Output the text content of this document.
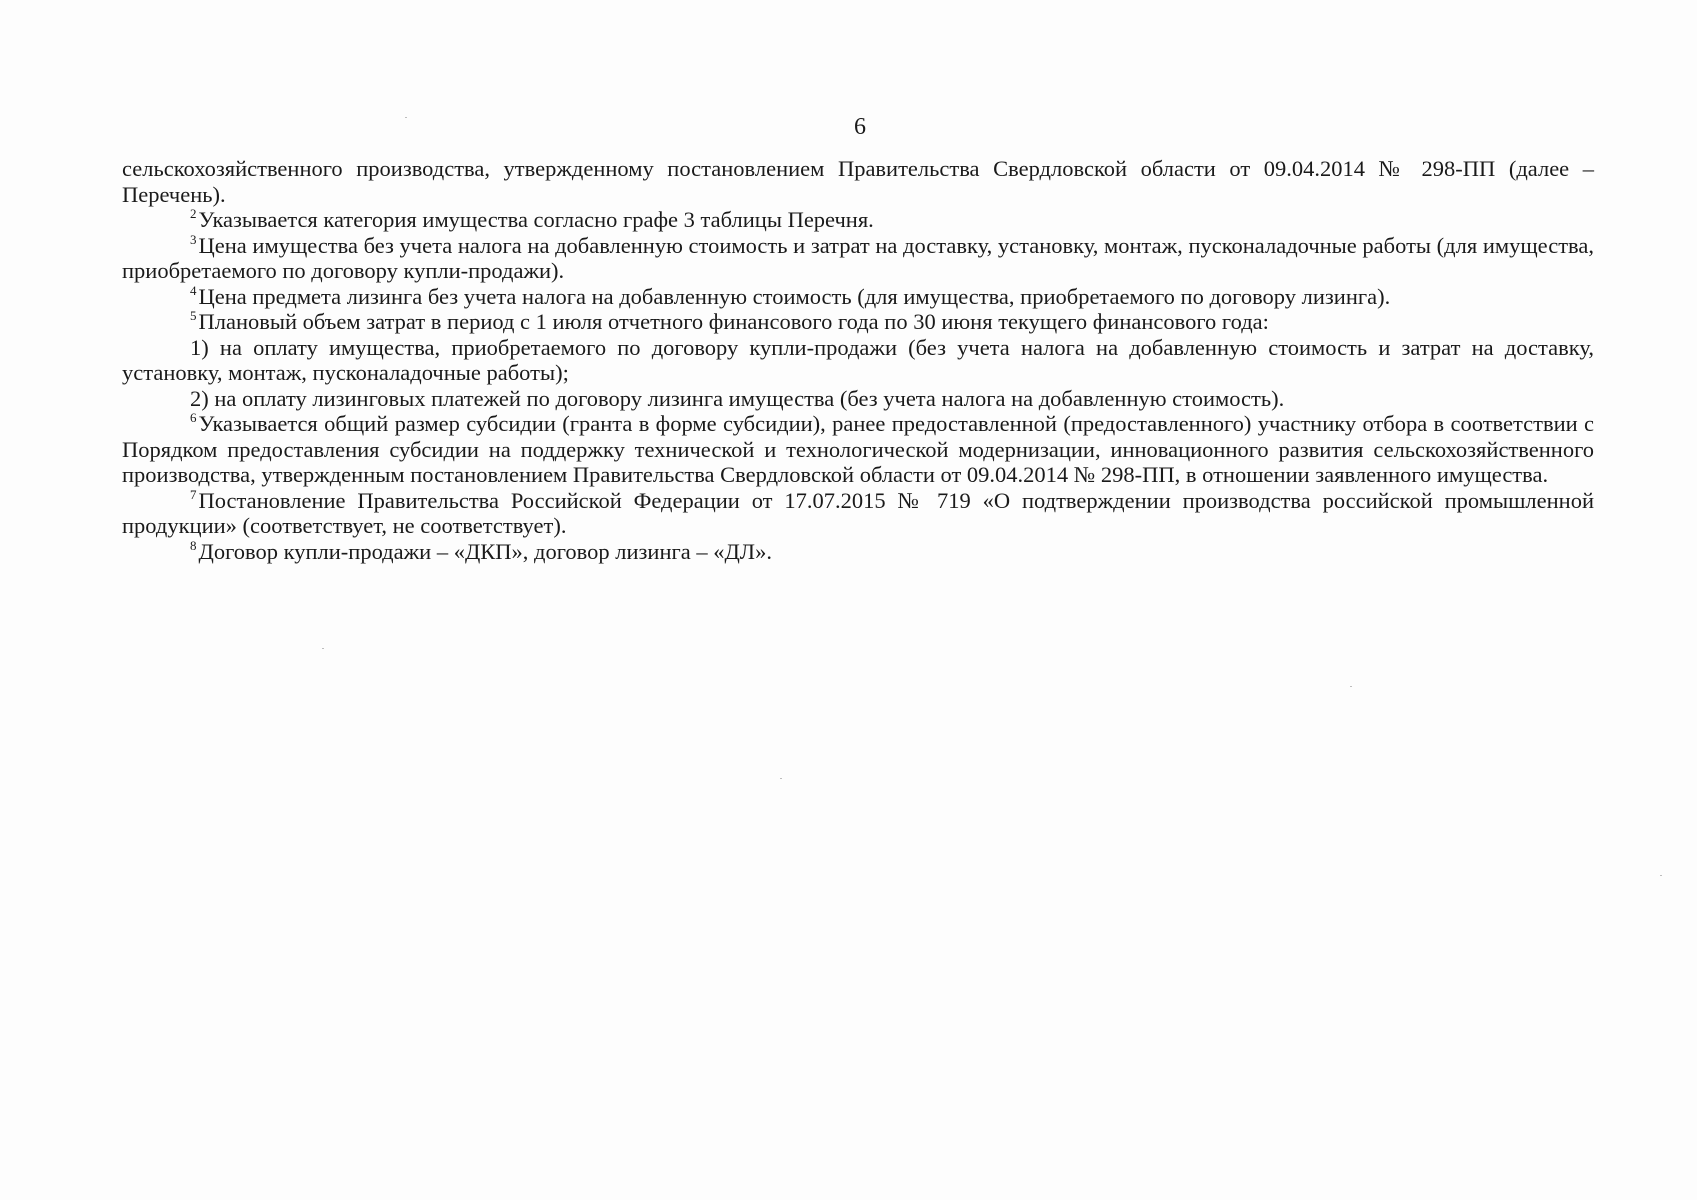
6

сельскохозяйственного производства, утвержденному постановлением Правительства Свердловской области от 09.04.2014 № 298-ПП (далее – Перечень).

$^2$Указывается категория имущества согласно графе 3 таблицы Перечня.

$^3$Цена имущества без учета налога на добавленную стоимость и затрат на доставку, установку, монтаж, пусконаладочные работы (для имущества, приобретаемого по договору купли-продажи).

$^4$Цена предмета лизинга без учета налога на добавленную стоимость (для имущества, приобретаемого по договору лизинга).

$^5$Плановый объем затрат в период с 1 июля отчетного финансового года по 30 июня текущего финансового года:

1) на оплату имущества, приобретаемого по договору купли-продажи (без учета налога на добавленную стоимость и затрат на доставку, установку, монтаж, пусконаладочные работы);

2) на оплату лизинговых платежей по договору лизинга имущества (без учета налога на добавленную стоимость).

$^6$Указывается общий размер субсидии (гранта в форме субсидии), ранее предоставленной (предоставленного) участнику отбора в соответствии с Порядком предоставления субсидии на поддержку технической и технологической модернизации, инновационного развития сельскохозяйственного производства, утвержденным постановлением Правительства Свердловской области от 09.04.2014 № 298-ПП, в отношении заявленного имущества.

$^7$Постановление Правительства Российской Федерации от 17.07.2015 № 719 «О подтверждении производства российской промышленной продукции» (соответствует, не соответствует).

$^8$Договор купли-продажи – «ДКП», договор лизинга – «ДЛ».
